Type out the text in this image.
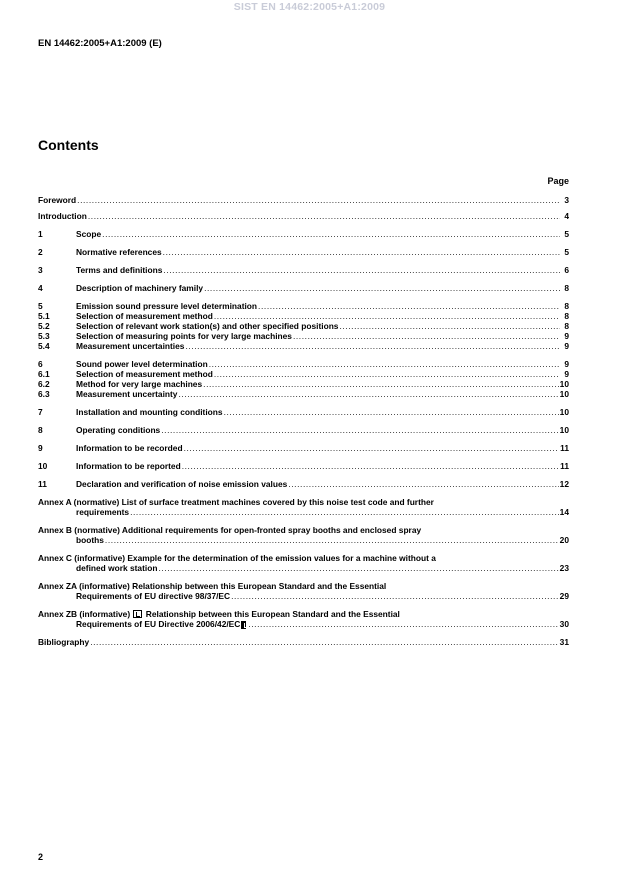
SIST EN 14462:2005+A1:2009
EN 14462:2005+A1:2009 (E)
Contents
Page
Foreword .....	3
Introduction .....	4
1	Scope .....	5
2	Normative references .....	5
3	Terms and definitions .....	6
4	Description of machinery family .....	8
5	Emission sound pressure level determination .....	8
5.1	Selection of measurement method .....	8
5.2	Selection of relevant work station(s) and other specified positions .....	8
5.3	Selection of measuring points for very large machines .....	9
5.4	Measurement uncertainties .....	9
6	Sound power level determination .....	9
6.1	Selection of measurement method .....	9
6.2	Method for very large machines .....	10
6.3	Measurement uncertainty .....	10
7	Installation and mounting conditions .....	10
8	Operating conditions .....	10
9	Information to be recorded .....	11
10	Information to be reported .....	11
11	Declaration and verification of noise emission values .....	12
Annex A (normative) List of surface treatment machines covered by this noise test code and further
requirements .....	14
Annex B (normative) Additional requirements for open-fronted spray booths and enclosed spray
booths .....	20
Annex C (informative) Example for the determination of the emission values for a machine without a
defined work station .....	23
Annex ZA (informative) Relationship between this European Standard and the Essential
Requirements of EU directive 98/37/EC .....	29
Annex ZB (informative)  Relationship between this European Standard and the Essential
Requirements of EU Directive 2006/42/EC .....	30
Bibliography .....	31
2
